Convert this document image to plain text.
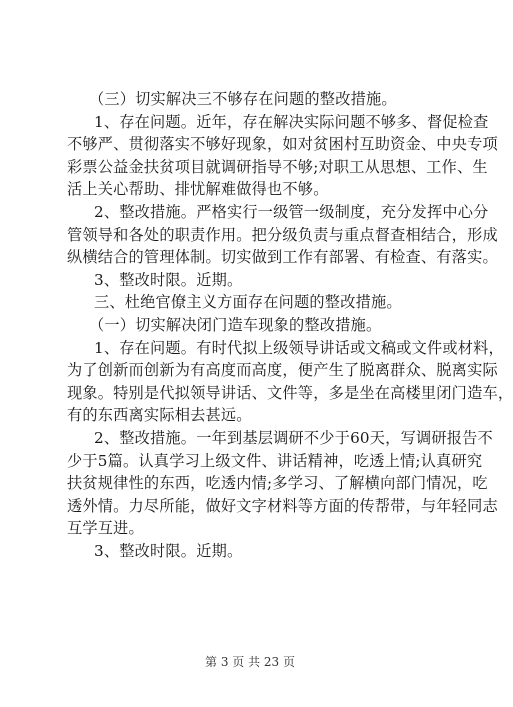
（三）切实解决三不够存在问题的整改措施。
1、存在问题。近年，存在解决实际问题不够多、督促检查
不够严、贯彻落实不够好现象，如对贫困村互助资金、中央专项
彩票公益金扶贫项目就调研指导不够;对职工从思想、工作、生
活上关心帮助、排忧解难做得也不够。
2、整改措施。严格实行一级管一级制度，充分发挥中心分
管领导和各处的职责作用。把分级负责与重点督查相结合，形成
纵横结合的管理体制。切实做到工作有部署、有检查、有落实。
3、整改时限。近期。
三、杜绝官僚主义方面存在问题的整改措施。
（一）切实解决闭门造车现象的整改措施。
1、存在问题。有时代拟上级领导讲话或文稿或文件或材料，
为了创新而创新为有高度而高度，便产生了脱离群众、脱离实际
现象。特别是代拟领导讲话、文件等，多是坐在高楼里闭门造车，
有的东西离实际相去甚远。
2、整改措施。一年到基层调研不少于60天，写调研报告不
少于5篇。认真学习上级文件、讲话精神，吃透上情;认真研究
扶贫规律性的东西，吃透内情;多学习、了解横向部门情况，吃
透外情。力尽所能，做好文字材料等方面的传帮带，与年轻同志
互学互进。
3、整改时限。近期。
第 3 页 共 23 页
